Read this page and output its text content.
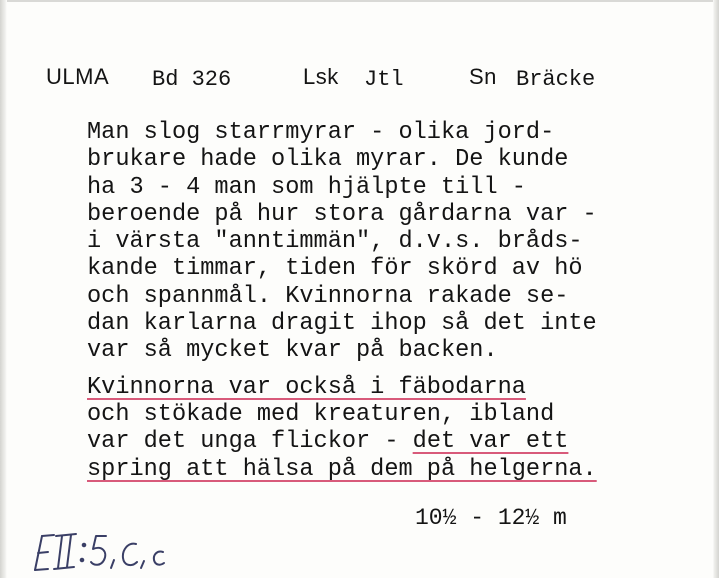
ULMA Bd 326	Lsk Jtl	Sn Bräcke
Man slog starrmyrar - olika jord-
brukare hade olika myrar. De kunde
ha 3 - 4 man som hjälpte till -
beroende på hur stora gårdarna var -
i värsta "anntimmän", d.v.s. bråds-
kande timmar, tiden för skörd av hö
och spannmål. Kvinnorna rakade se-
dan karlarna dragit ihop så det inte
var så mycket kvar på backen.
Kvinnorna var också i fäbodarna
och stökade med kreaturen, ibland
var det unga flickor - det var ett
spring att hälsa på dem på helgerna.
10½ - 12½ m
